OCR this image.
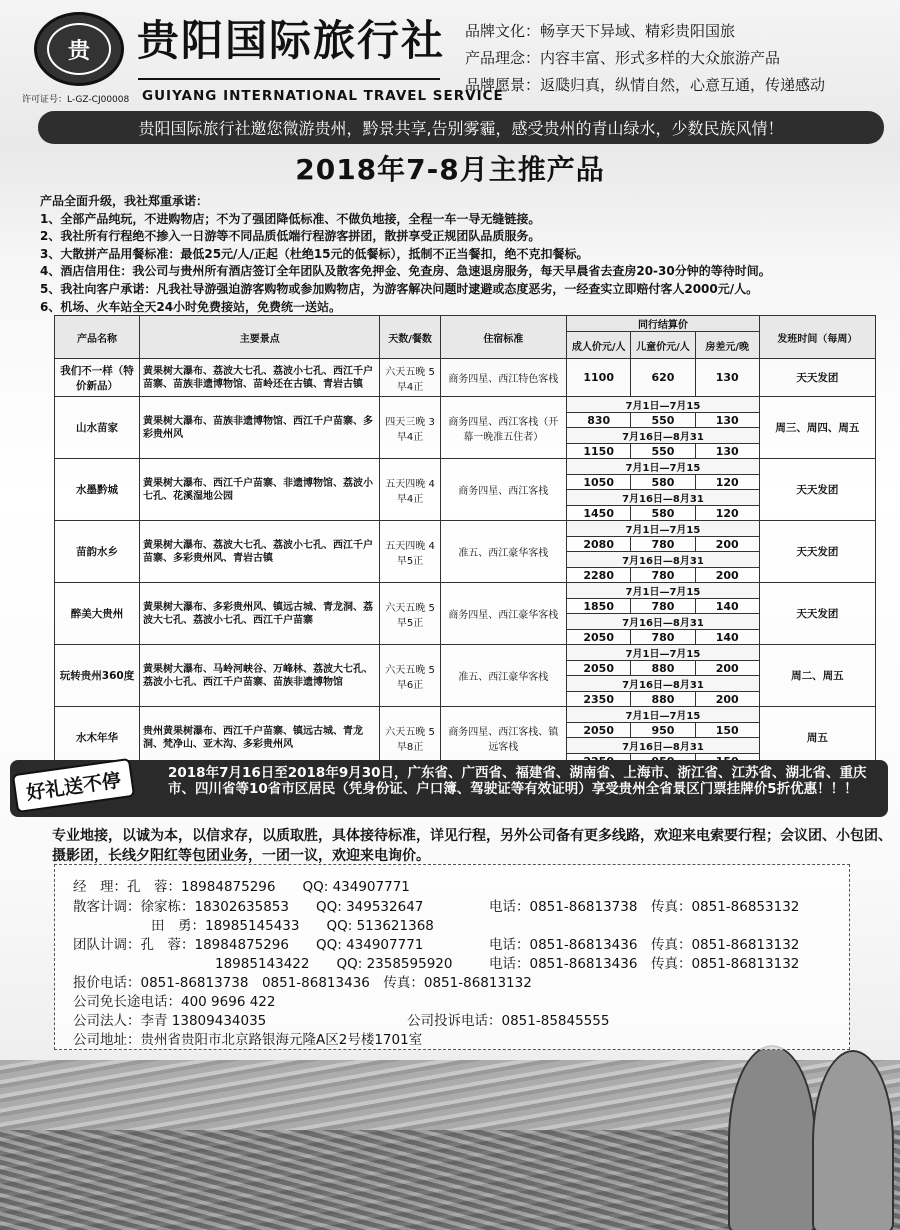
贵
许可证号：L-GZ-CJ00008
贵阳国际旅行社
GUIYANG INTERNATIONAL TRAVEL SERVICE
品牌文化：畅享天下异域、精彩贵阳国旅
产品理念：内容丰富、形式多样的大众旅游产品
品牌愿景：返瓞归真，纵情自然，心意互通，传递感动
贵阳国际旅行社邀您微游贵州，黔景共享,告别雾霾，感受贵州的青山绿水，少数民族风情！
2018年7-8月主推产品
产品全面升级，我社郑重承诺：
1、全部产品纯玩，不进购物店；不为了强团降低标准、不做负地接，全程一车一导无缝链接。
2、我社所有行程绝不掺入一日游等不同品质低端行程游客拼团，散拼享受正规团队品质服务。
3、大散拼产品用餐标准：最低25元/人/正起（杜绝15元的低餐标），抵制不正当餐扣，绝不克扣餐标。
4、酒店信用住：我公司与贵州所有酒店签订全年团队及散客免押金、免查房、急速退房服务，每天早晨省去查房20-30分钟的等待时间。
5、我社向客户承诺：凡我社导游强迫游客购物或参加购物店，为游客解决问题时逮避或态度恶劣，一经查实立即赔付客人2000元/人。
6、机场、火车站全天24小时免费接站，免费统一送站。
产品名称	主要景点	天数/餐数	住宿标准	同行结算价			发班时间（每周）
				成人价元/人	儿童价元/人	房差元/晚	
我们不一样（特价新品）	黄果树大瀑布、荔波大七孔、荔波小七孔、西江千户苗寨、苗族非遗博物馆、苗岭还在古镇、青岩古镇	六天五晚 5早4正	商务四星、西江特色客栈	1100	620	130	天天发团
山水苗家	黄果树大瀑布、苗族非遗博物馆、西江千户苗寨、多彩贵州风	四天三晚 3早4正	商务四星、西江客栈（开幕一晚准五住者）	7月1日—7月15			周三、周四、周五
				830	550	130	
				7月16日—8月31			
				1150	550	130	
水墨黔城	黄果树大瀑布、西江千户苗寨、非遗博物馆、荔波小七孔、花溪湿地公园	五天四晚 4早4正	商务四星、西江客栈	7月1日—7月15			天天发团
				1050	580	120	
				7月16日—8月31			
				1450	580	120	
苗韵水乡	黄果树大瀑布、荔波大七孔、荔波小七孔、西江千户苗寨、多彩贵州风、青岩古镇	五天四晚 4早5正	准五、西江豪华客栈	7月1日—7月15			天天发团
				2080	780	200	
				7月16日—8月31			
				2280	780	200	
醉美大贵州	黄果树大瀑布、多彩贵州风、镇远古城、青龙洞、荔波大七孔、荔波小七孔、西江千户苗寨	六天五晚 5早5正	商务四星、西江豪华客栈	7月1日—7月15			天天发团
				1850	780	140	
				7月16日—8月31			
				2050	780	140	
玩转贵州360度	黄果树大瀑布、马岭河峡谷、万峰林、荔波大七孔、荔波小七孔、西江千户苗寨、苗族非遗博物馆	六天五晚 5早6正	准五、西江豪华客栈	7月1日—7月15			周二、周五
				2050	880	200	
				7月16日—8月31			
				2350	880	200	
水木年华	贵州黄果树瀑布、西江千户苗寨、镇远古城、青龙洞、梵净山、亚木沟、多彩贵州风	六天五晚 5早8正	商务四星、西江客栈、镇远客栈	7月1日—7月15			周五
				2050	950	150	
				7月16日—8月31			

好礼送不停	2018年7月16日至2018年9月30日，广东省、广西省、福建省、湖南省、上海市、浙江省、江苏省、湖北省、重庆市、四川省等10省市区居民（凭身份证、户口簿、驾驶证等有效证明）享受贵州全省景区门票挂牌价5折优惠！！！
专业地接，以诚为本，以信求存，以质取胜，具体接待标准，详见行程，另外公司备有更多线路，欢迎来电索要行程；会议团、小包团、摄影团，长线夕阳红等包团业务，一团一议，欢迎来电询价。
经　理：孔　蓉：18984875296　　QQ: 434907771
散客计调：徐家栋：18302635853　　QQ: 349532647	电话：0851-86813738　传真：0851-86853132
田　勇：18985145433　　QQ: 513621368
团队计调：孔　蓉：18984875296　　QQ: 434907771	电话：0851-86813436　传真：0851-86813132
18985143422　　QQ: 2358595920	电话：0851-86813436　传真：0851-86813132
报价电话：0851-86813738　0851-86813436　传真：0851-86813132
公司免长途电话：400 9696 422
公司法人：李青 13809434035	公司投诉电话：0851-85845555
公司地址：贵州省贵阳市北京路银海元隆A区2号楼1701室
